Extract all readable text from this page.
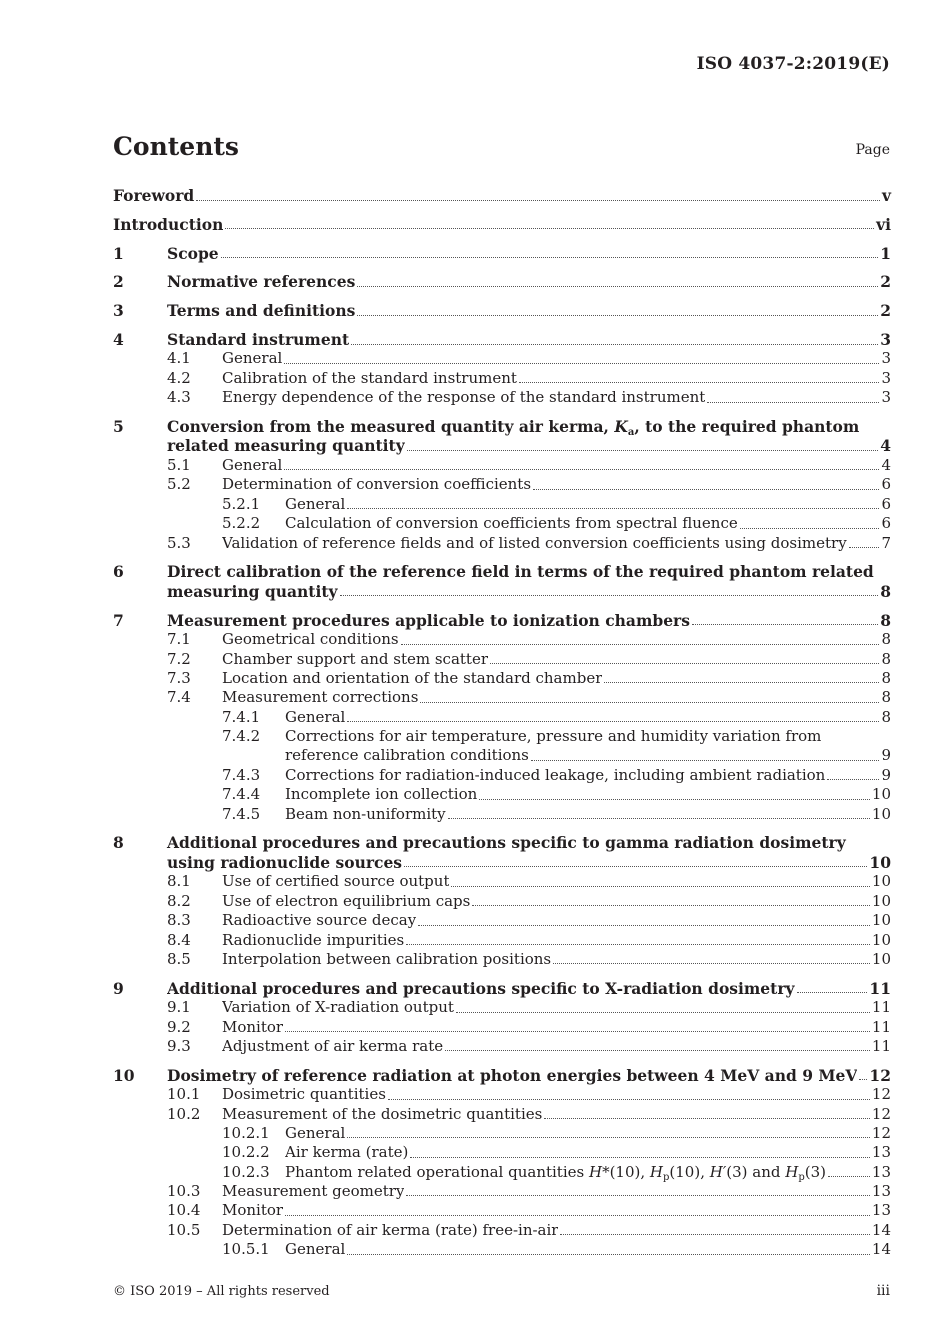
ISO 4037-2:2019(E)
Contents	Page
Foreword	v
Introduction	vi
1	Scope	1
2	Normative references	2
3	Terms and definitions	2
4	Standard instrument	3
4.1	General	3
4.2	Calibration of the standard instrument	3
4.3	Energy dependence of the response of the standard instrument	3
5	Conversion from the measured quantity air kerma, $K_a$, to the required phantom
related measuring quantity	4
5.1	General	4
5.2	Determination of conversion coefficients	6
5.2.1	General	6
5.2.2	Calculation of conversion coefficients from spectral fluence	6
5.3	Validation of reference fields and of listed conversion coefficients using dosimetry 7
6	Direct calibration of the reference field in terms of the required phantom related
measuring quantity	8
7	Measurement procedures applicable to ionization chambers	8
7.1	Geometrical conditions	8
7.2	Chamber support and stem scatter	8
7.3	Location and orientation of the standard chamber	8
7.4	Measurement corrections	8
7.4.1	General	8
7.4.2 Corrections for air temperature, pressure and humidity variation from
reference calibration conditions	9
7.4.3	Corrections for radiation-induced leakage, including ambient radiation	9
7.4.4	Incomplete ion collection	10
7.4.5	Beam non-uniformity	10
8	Additional procedures and precautions specific to gamma radiation dosimetry
using radionuclide sources	10
8.1	Use of certified source output	10
8.2	Use of electron equilibrium caps	10
8.3	Radioactive source decay	10
8.4	Radionuclide impurities	10
8.5	Interpolation between calibration positions	10
9	Additional procedures and precautions specific to X-radiation dosimetry	11
9.1	Variation of X-radiation output	11
9.2	Monitor	11
9.3	Adjustment of air kerma rate	11
10	Dosimetry of reference radiation at photon energies between 4 MeV and 9 MeV 12
10.1	Dosimetric quantities	12
10.2	Measurement of the dosimetric quantities	12
10.2.1	General	12
10.2.2	Air kerma (rate)	13
10.2.3	Phantom related operational quantities H*(10), $H_p(10)$, H′(3) and $H_p(3)$	13
10.3	Measurement geometry	13
10.4	Monitor	13
10.5	Determination of air kerma (rate) free-in-air	14
10.5.1	General	14
© ISO 2019 – All rights reserved	iii
